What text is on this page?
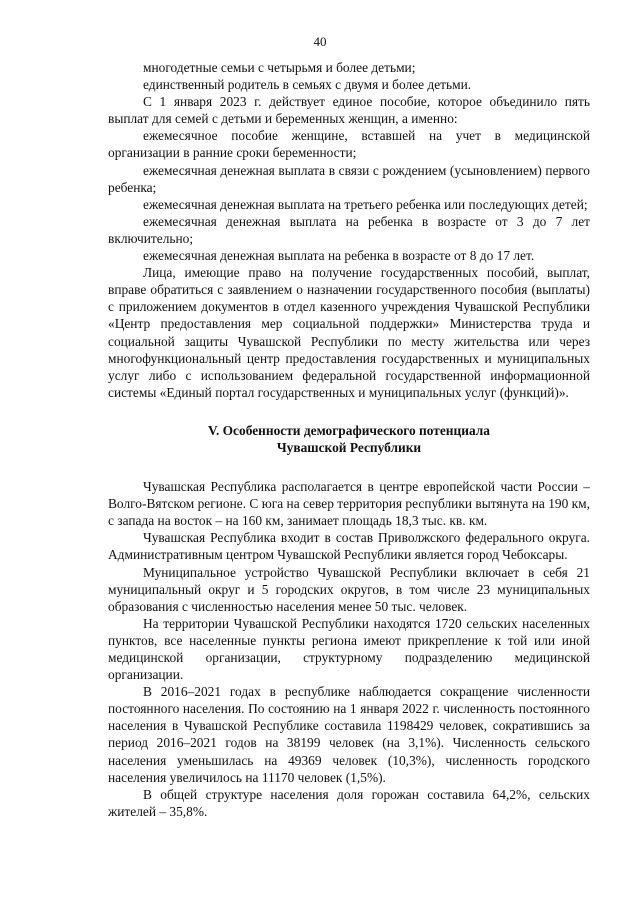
40

многодетные семьи с четырьмя и более детьми;

единственный родитель в семьях с двумя и более детьми.

С 1 января 2023 г. действует единое пособие, которое объединило пять выплат для семей с детьми и беременных женщин, а именно:

ежемесячное пособие женщине, вставшей на учет в медицинской организации в ранние сроки беременности;

ежемесячная денежная выплата в связи с рождением (усыновлением) первого ребенка;

ежемесячная денежная выплата на третьего ребенка или последующих детей;

ежемесячная денежная выплата на ребенка в возрасте от 3 до 7 лет включительно;

ежемесячная денежная выплата на ребенка в возрасте от 8 до 17 лет.

Лица, имеющие право на получение государственных пособий, выплат, вправе обратиться с заявлением о назначении государственного пособия (выплаты) с приложением документов в отдел казенного учреждения Чувашской Республики «Центр предоставления мер социальной поддержки» Министерства труда и социальной защиты Чувашской Республики по месту жительства или через многофункциональный центр предоставления государственных и муниципальных услуг либо с использованием федеральной государственной информационной системы «Единый портал государственных и муниципальных услуг (функций)».

V. Особенности демографического потенциала
Чувашской Республики

Чувашская Республика располагается в центре европейской части России – Волго-Вятском регионе. С юга на север территория республики вытянута на 190 км, с запада на восток – на 160 км, занимает площадь 18,3 тыс. кв. км.

Чувашская Республика входит в состав Приволжского федерального округа. Административным центром Чувашской Республики является город Чебоксары.

Муниципальное устройство Чувашской Республики включает в себя 21 муниципальный округ и 5 городских округов, в том числе 23 муниципальных образования с численностью населения менее 50 тыс. человек.

На территории Чувашской Республики находятся 1720 сельских населенных пунктов, все населенные пункты региона имеют прикрепление к той или иной медицинской организации, структурному подразделению медицинской организации.

В 2016–2021 годах в республике наблюдается сокращение численности постоянного населения. По состоянию на 1 января 2022 г. численность постоянного населения в Чувашской Республике составила 1198429 человек, сократившись за период 2016–2021 годов на 38199 человек (на 3,1%). Численность сельского населения уменьшилась на 49369 человек (10,3%), численность городского населения увеличилось на 11170 человек (1,5%).

В общей структуре населения доля горожан составила 64,2%, сельских жителей – 35,8%.
